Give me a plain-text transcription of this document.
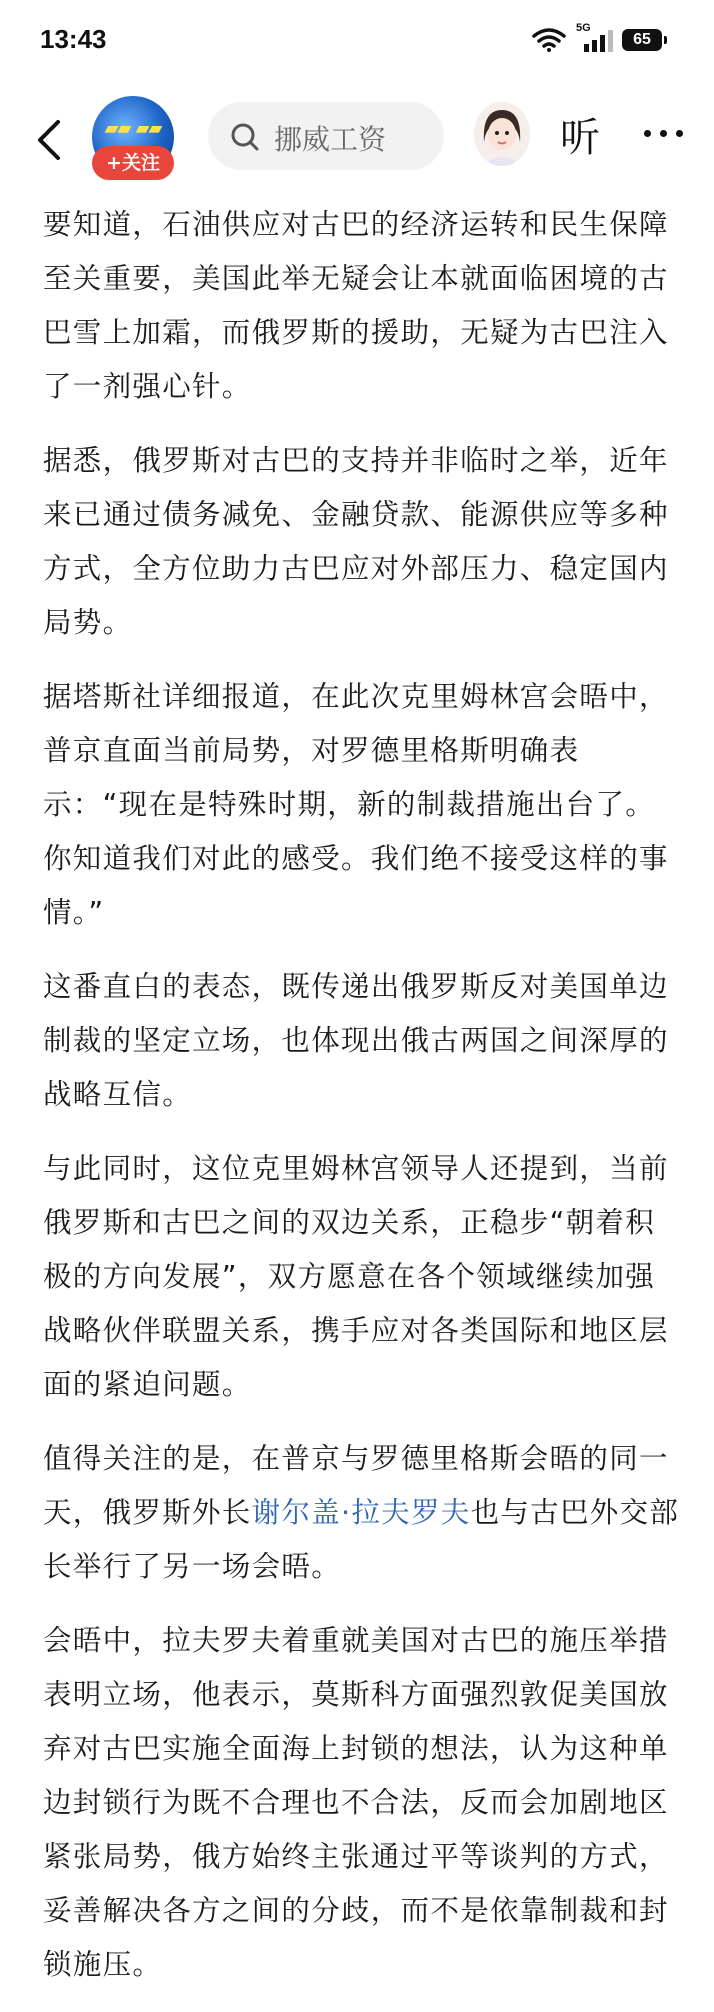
13:43	5G
65
▰▰ ▰▰
+关注
挪威工资	听

要知道，石油供应对古巴的经济运转和民生保障至关重要，美国此举无疑会让本就面临困境的古巴雪上加霜，而俄罗斯的援助，无疑为古巴注入了一剂强心针。

据悉，俄罗斯对古巴的支持并非临时之举，近年来已通过债务减免、金融贷款、能源供应等多种方式，全方位助力古巴应对外部压力、稳定国内局势。

据塔斯社详细报道，在此次克里姆林宫会晤中，普京直面当前局势，对罗德里格斯明确表示：“现在是特殊时期，新的制裁措施出台了。你知道我们对此的感受。我们绝不接受这样的事情。”

这番直白的表态，既传递出俄罗斯反对美国单边制裁的坚定立场，也体现出俄古两国之间深厚的战略互信。

与此同时，这位克里姆林宫领导人还提到，当前俄罗斯和古巴之间的双边关系，正稳步“朝着积极的方向发展”，双方愿意在各个领域继续加强战略伙伴联盟关系，携手应对各类国际和地区层面的紧迫问题。

值得关注的是，在普京与罗德里格斯会晤的同一天，俄罗斯外长谢尔盖·拉夫罗夫也与古巴外交部长举行了另一场会晤。

会晤中，拉夫罗夫着重就美国对古巴的施压举措表明立场，他表示，莫斯科方面强烈敦促美国放弃对古巴实施全面海上封锁的想法，认为这种单边封锁行为既不合理也不合法，反而会加剧地区紧张局势，俄方始终主张通过平等谈判的方式，妥善解决各方之间的分歧，而不是依靠制裁和封锁施压。
